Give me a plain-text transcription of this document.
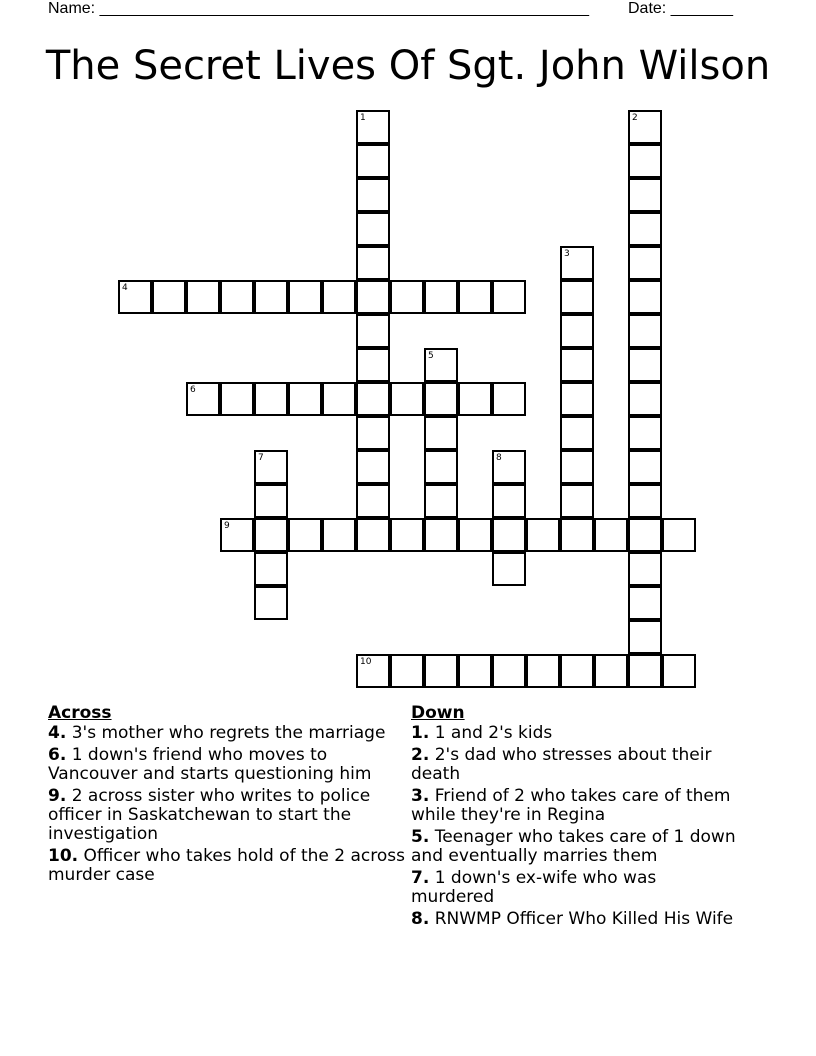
Name: _______________________________________________________ Date: _______
The Secret Lives Of Sgt. John Wilson
1	2
3
4
5
6
7	8
9
10
Across
4. 3's mother who regrets the marriage
6. 1 down's friend who moves to Vancouver and starts questioning him
9. 2 across sister who writes to police officer in Saskatchewan to start the investigation
10. Officer who takes hold of the 2 across murder case
Down
1. 1 and 2's kids
2. 2's dad who stresses about their death
3. Friend of 2 who takes care of them while they're in Regina
5. Teenager who takes care of 1 down and eventually marries them
7. 1 down's ex-wife who was murdered
8. RNWMP Officer Who Killed His Wife
